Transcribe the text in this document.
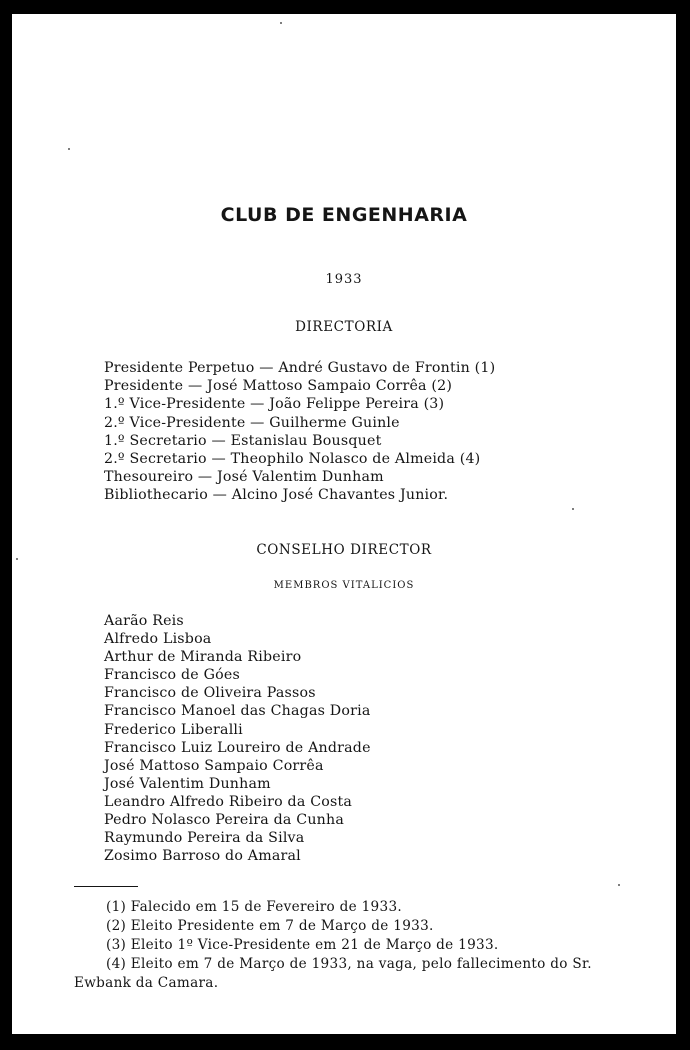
CLUB DE ENGENHARIA
1933
DIRECTORIA
Presidente Perpetuo — André Gustavo de Frontin (1)
Presidente — José Mattoso Sampaio Corrêa (2)
1.º Vice-Presidente — João Felippe Pereira (3)
2.º Vice-Presidente — Guilherme Guinle
1.º Secretario — Estanislau Bousquet
2.º Secretario — Theophilo Nolasco de Almeida (4)
Thesoureiro — José Valentim Dunham
Bibliothecario — Alcino José Chavantes Junior.
CONSELHO DIRECTOR
MEMBROS VITALICIOS
Aarão Reis
Alfredo Lisboa
Arthur de Miranda Ribeiro
Francisco de Góes
Francisco de Oliveira Passos
Francisco Manoel das Chagas Doria
Frederico Liberalli
Francisco Luiz Loureiro de Andrade
José Mattoso Sampaio Corrêa
José Valentim Dunham
Leandro Alfredo Ribeiro da Costa
Pedro Nolasco Pereira da Cunha
Raymundo Pereira da Silva
Zosimo Barroso do Amaral
(1) Falecido em 15 de Fevereiro de 1933.
(2) Eleito Presidente em 7 de Março de 1933.
(3) Eleito 1º Vice-Presidente em 21 de Março de 1933.
(4) Eleito em 7 de Março de 1933, na vaga, pelo fallecimento do Sr. Ewbank da Camara.
